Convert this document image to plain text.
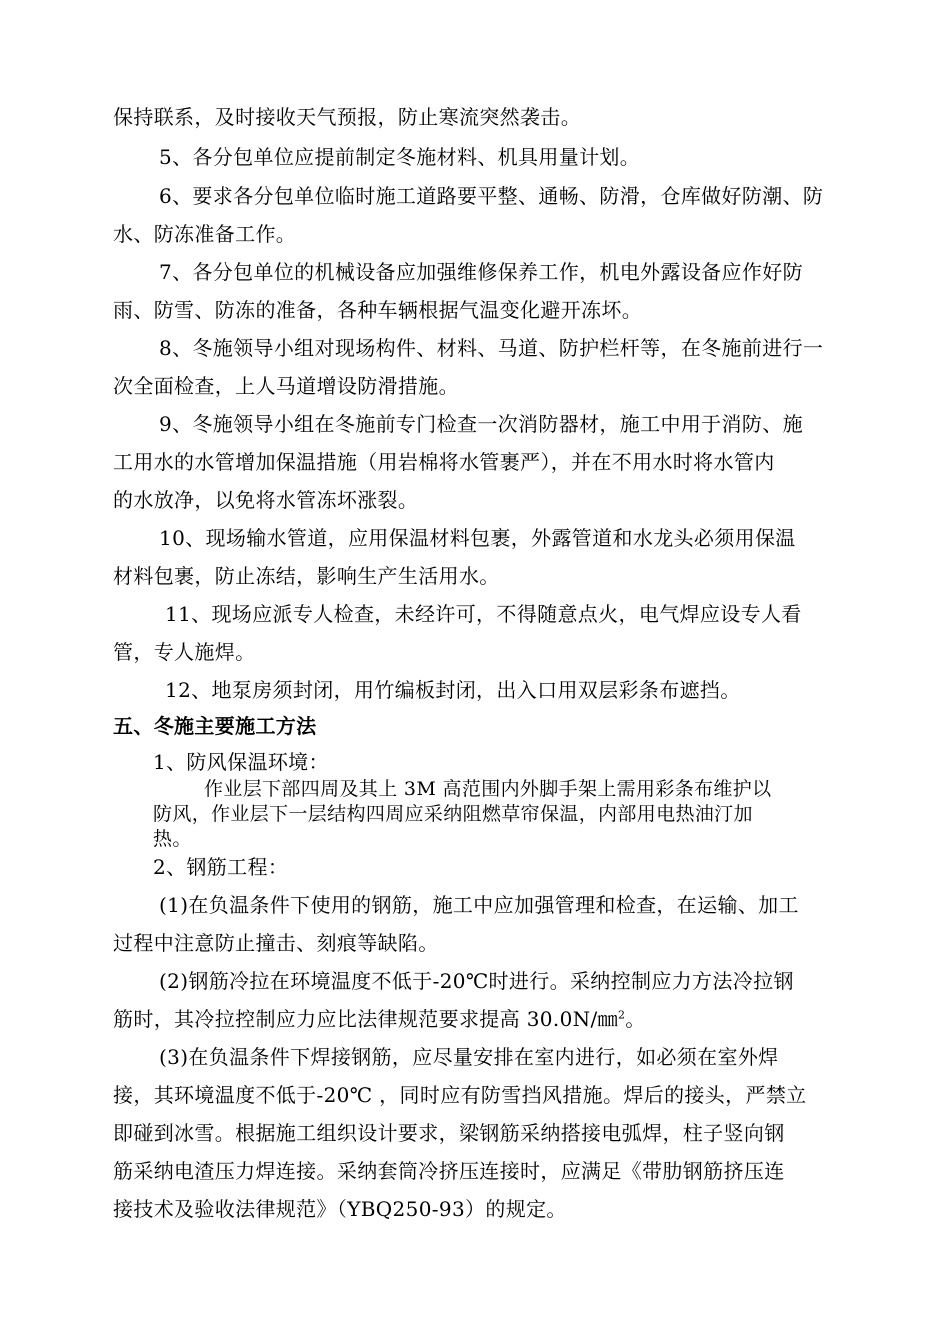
保持联系，及时接收天气预报，防止寒流突然袭击。
5、各分包单位应提前制定冬施材料、机具用量计划。
6、要求各分包单位临时施工道路要平整、通畅、防滑，仓库做好防潮、防
水、防冻准备工作。
7、各分包单位的机械设备应加强维修保养工作，机电外露设备应作好防
雨、防雪、防冻的准备，各种车辆根据气温变化避开冻坏。
8、冬施领导小组对现场构件、材料、马道、防护栏杆等，在冬施前进行一
次全面检查，上人马道增设防滑措施。
9、冬施领导小组在冬施前专门检查一次消防器材，施工中用于消防、施
工用水的水管增加保温措施（用岩棉将水管裹严），并在不用水时将水管内
的水放净，以免将水管冻坏涨裂。
10、现场输水管道，应用保温材料包裹，外露管道和水龙头必须用保温
材料包裹，防止冻结，影响生产生活用水。
11、现场应派专人检查，未经许可，不得随意点火，电气焊应设专人看
管，专人施焊。
12、地泵房须封闭，用竹编板封闭，出入口用双层彩条布遮挡。
五、冬施主要施工方法
1、防风保温环境：
作业层下部四周及其上 3M 高范围内外脚手架上需用彩条布维护以
防风，作业层下一层结构四周应采纳阻燃草帘保温，内部用电热油汀加
热。
2、钢筋工程：
(1)在负温条件下使用的钢筋，施工中应加强管理和检查，在运输、加工
过程中注意防止撞击、刻痕等缺陷。
(2)钢筋冷拉在环境温度不低于-20℃时进行。采纳控制应力方法冷拉钢
筋时，其冷拉控制应力应比法律规范要求提高 30.0N/㎜$^2$。
(3)在负温条件下焊接钢筋，应尽量安排在室内进行，如必须在室外焊
接，其环境温度不低于-20℃ ，同时应有防雪挡风措施。焊后的接头，严禁立
即碰到冰雪。根据施工组织设计要求，梁钢筋采纳搭接电弧焊，柱子竖向钢
筋采纳电渣压力焊连接。采纳套筒冷挤压连接时，应满足《带肋钢筋挤压连
接技术及验收法律规范》（YBQ250-93）的规定。
